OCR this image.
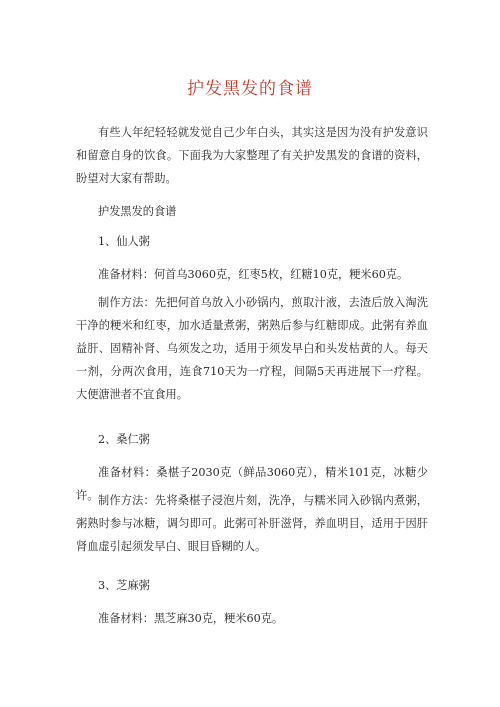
护发黑发的食谱
有些人年纪轻轻就发觉自己少年白头，其实这是因为没有护发意识和留意自身的饮食。下面我为大家整理了有关护发黑发的食谱的资料，盼望对大家有帮助。
护发黑发的食谱
1、仙人粥
准备材料：何首乌3060克，红枣5枚，红糖10克，粳米60克。
制作方法：先把何首乌放入小砂锅内，煎取汁液，去渣后放入淘洗干净的粳米和红枣，加水适量煮粥，粥熟后参与红糖即成。此粥有养血益肝、固精补肾、乌须发之功，适用于须发早白和头发枯黄的人。每天一剂，分两次食用，连食710天为一疗程，间隔5天再进展下一疗程。大便溏泄者不宜食用。
2、桑仁粥
准备材料：桑椹子2030克（鲜品3060克），精米101克，冰糖少许。 制作方法：先将桑椹子浸泡片刻，洗净，与糯米同入砂锅内煮粥，粥熟时参与冰糖，调匀即可。此粥可补肝滋肾，养血明目，适用于因肝肾血虚引起须发早白、眼目昏糊的人。
3、芝麻粥
准备材料：黑芝麻30克，粳米60克。
